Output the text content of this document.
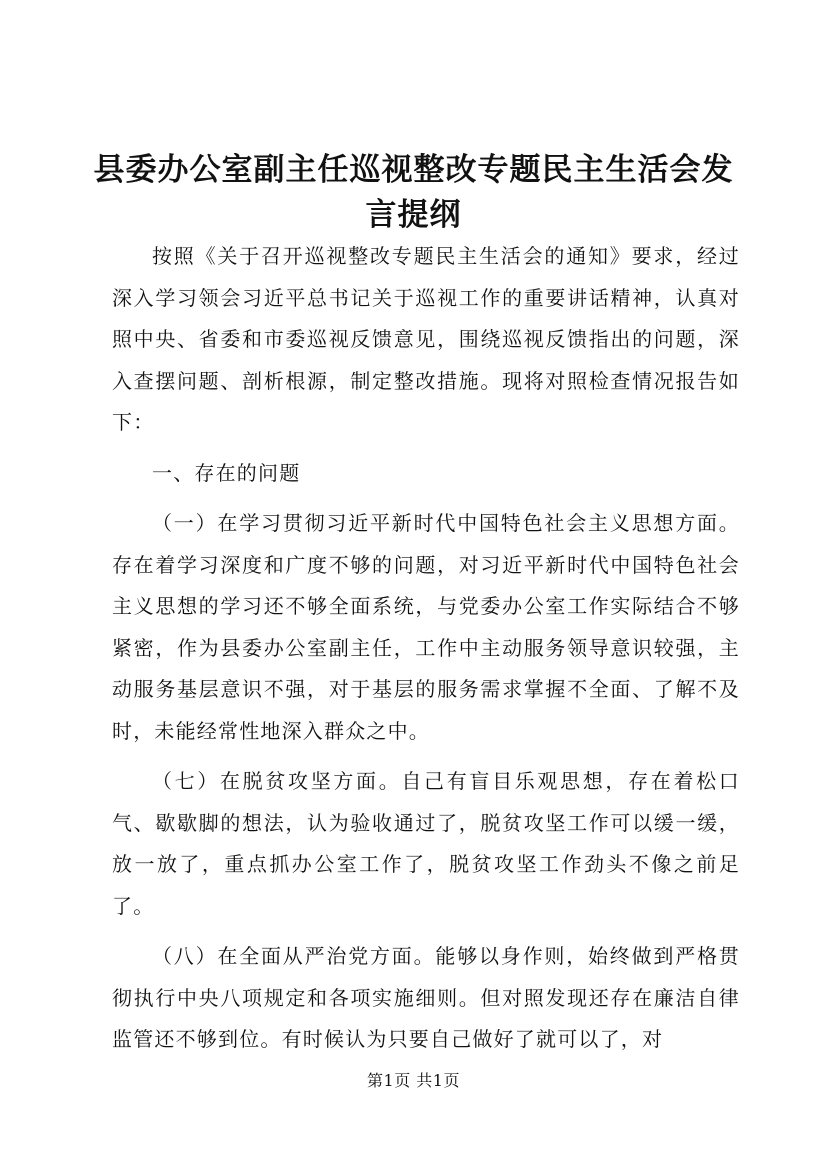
县委办公室副主任巡视整改专题民主生活会发言提纲

按照《关于召开巡视整改专题民主生活会的通知》要求，经过深入学习领会习近平总书记关于巡视工作的重要讲话精神，认真对照中央、省委和市委巡视反馈意见，围绕巡视反馈指出的问题，深入查摆问题、剖析根源，制定整改措施。现将对照检查情况报告如下：

一、存在的问题

（一）在学习贯彻习近平新时代中国特色社会主义思想方面。存在着学习深度和广度不够的问题，对习近平新时代中国特色社会主义思想的学习还不够全面系统，与党委办公室工作实际结合不够紧密，作为县委办公室副主任，工作中主动服务领导意识较强，主动服务基层意识不强，对于基层的服务需求掌握不全面、了解不及时，未能经常性地深入群众之中。

（七）在脱贫攻坚方面。自己有盲目乐观思想，存在着松口气、歇歇脚的想法，认为验收通过了，脱贫攻坚工作可以缓一缓，放一放了，重点抓办公室工作了，脱贫攻坚工作劲头不像之前足了。

（八）在全面从严治党方面。能够以身作则，始终做到严格贯彻执行中央八项规定和各项实施细则。但对照发现还存在廉洁自律监管还不够到位。有时候认为只要自己做好了就可以了，对

第1页 共1页
